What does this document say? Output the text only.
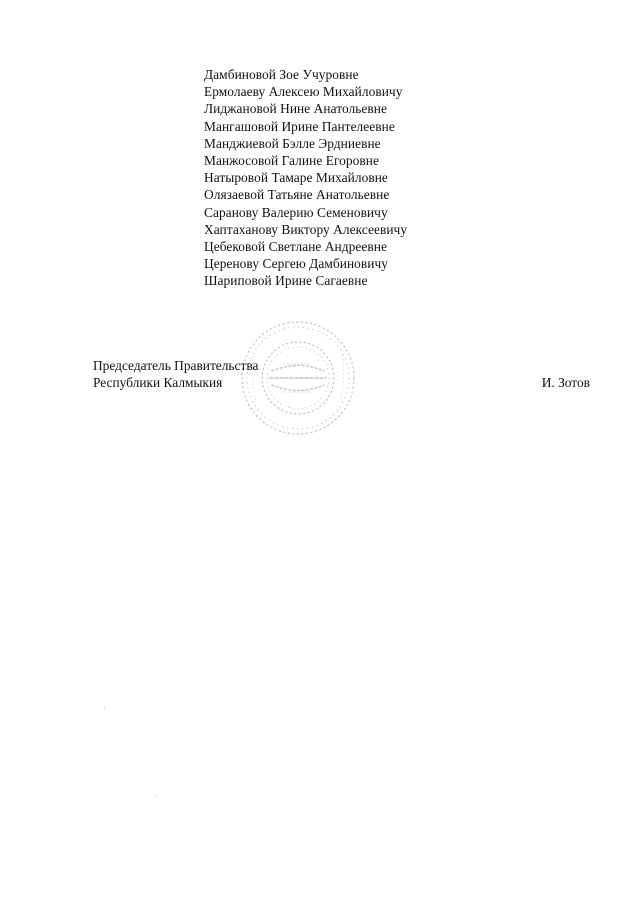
Дамбиновой Зое Учуровне
Ермолаеву Алексею Михайловичу
Лиджановой Нине Анатольевне
Мангашовой Ирине Пантелеевне
Манджиевой Бэлле Эрдниевне
Манжосовой Галине Егоровне
Натыровой Тамаре Михайловне
Олязаевой Татьяне Анатольевне
Саранову Валерию Семеновичу
Хаптаханову Виктору Алексеевичу
Цебековой Светлане Андреевне
Церенову Сергею Дамбиновичу
Шариповой Ирине Сагаевне
Председатель Правительства
Республики Калмыкия	И. Зотов
